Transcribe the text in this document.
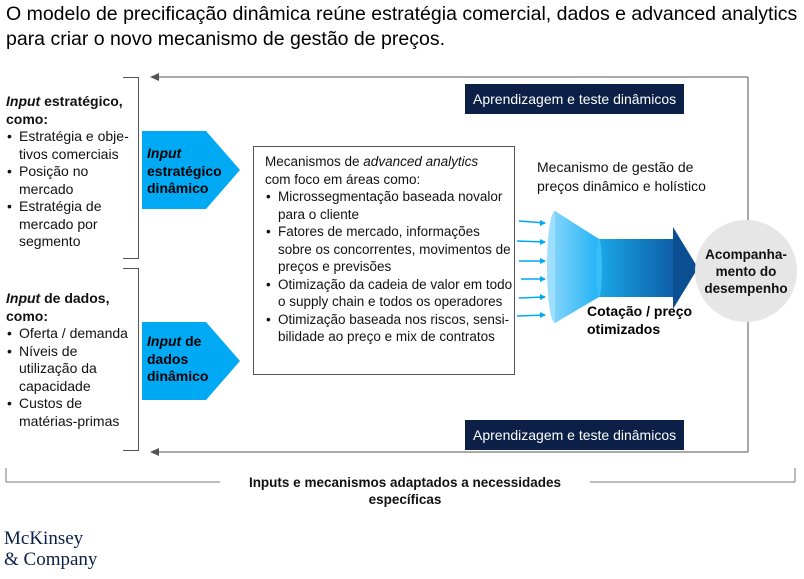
O modelo de precificação dinâmica reúne estratégia comercial, dados e advanced analytics para criar o novo mecanismo de gestão de preços.
Input estratégico, como:
• Estratégia e obje-tivos comerciais
• Posição no mercado
• Estratégia de mercado por segmento
Input de dados, como:
• Oferta / demanda
• Níveis de utilização da capacidade
• Custos de matérias-primas
Aprendizagem e teste dinâmicos
Aprendizagem e teste dinâmicos
Input
estratégico dinâmico
Input de
dados dinâmico
Mecanismos de advanced analytics
com foco em áreas como:
• Microssegmentação baseada novalor para o cliente
• Fatores de mercado, informações sobre os concorrentes, movimentos de preços e previsões
• Otimização da cadeia de valor em todo o supply chain e todos os operadores
• Otimização baseada nos riscos, sensi-bilidade ao preço e mix de contratos
Mecanismo de gestão de preços dinâmico e holístico
Cotação / preço otimizados
Acompanha-mento do desempenho
Inputs e mecanismos adaptados a necessidades específicas
McKinsey
& Company
